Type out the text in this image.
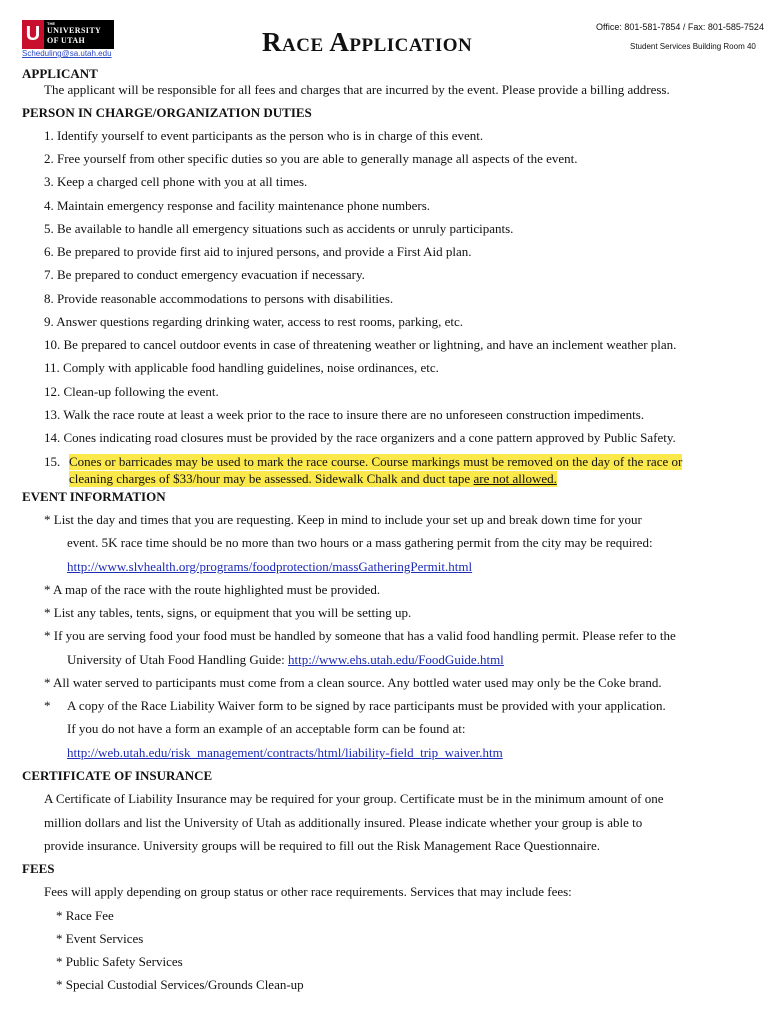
U THE
UNIVERSITY
OF UTAH
Scheduling@sa.utah.edu	Race Application	Office: 801-581-7854 / Fax: 801-585-7524
Student Services Building Room 40
APPLICANT
The applicant will be responsible for all fees and charges that are incurred by the event. Please provide a billing address.
PERSON IN CHARGE/ORGANIZATION DUTIES
1. Identify yourself to event participants as the person who is in charge of this event.
2. Free yourself from other specific duties so you are able to generally manage all aspects of the event.
3. Keep a charged cell phone with you at all times.
4. Maintain emergency response and facility maintenance phone numbers.
5. Be available to handle all emergency situations such as accidents or unruly participants.
6. Be prepared to provide first aid to injured persons, and provide a First Aid plan.
7. Be prepared to conduct emergency evacuation if necessary.
8. Provide reasonable accommodations to persons with disabilities.
9. Answer questions regarding drinking water, access to rest rooms, parking, etc.
10. Be prepared to cancel outdoor events in case of threatening weather or lightning, and have an inclement weather plan.
11. Comply with applicable food handling guidelines, noise ordinances, etc.
12. Clean-up following the event.
13. Walk the race route at least a week prior to the race to insure there are no unforeseen construction impediments.
14. Cones indicating road closures must be provided by the race organizers and a cone pattern approved by Public Safety.
15. Cones or barricades may be used to mark the race course. Course markings must be removed on the day of the race or
cleaning charges of $33/hour may be assessed. Sidewalk Chalk and duct tape are not allowed.
EVENT INFORMATION
* List the day and times that you are requesting. Keep in mind to include your set up and break down time for your
event. 5K race time should be no more than two hours or a mass gathering permit from the city may be required:
http://www.slvhealth.org/programs/foodprotection/massGatheringPermit.html
* A map of the race with the route highlighted must be provided.
* List any tables, tents, signs, or equipment that you will be setting up.
* If you are serving food your food must be handled by someone that has a valid food handling permit. Please refer to the
University of Utah Food Handling Guide: http://www.ehs.utah.edu/FoodGuide.html
* All water served to participants must come from a clean source. Any bottled water used may only be the Coke brand.
* A copy of the Race Liability Waiver form to be signed by race participants must be provided with your application.
If you do not have a form an example of an acceptable form can be found at:
http://web.utah.edu/risk_management/contracts/html/liability-field_trip_waiver.htm
CERTIFICATE OF INSURANCE
A Certificate of Liability Insurance may be required for your group. Certificate must be in the minimum amount of one
million dollars and list the University of Utah as additionally insured. Please indicate whether your group is able to
provide insurance. University groups will be required to fill out the Risk Management Race Questionnaire.
FEES
Fees will apply depending on group status or other race requirements. Services that may include fees:
* Race Fee
* Event Services
* Public Safety Services
* Special Custodial Services/Grounds Clean-up
